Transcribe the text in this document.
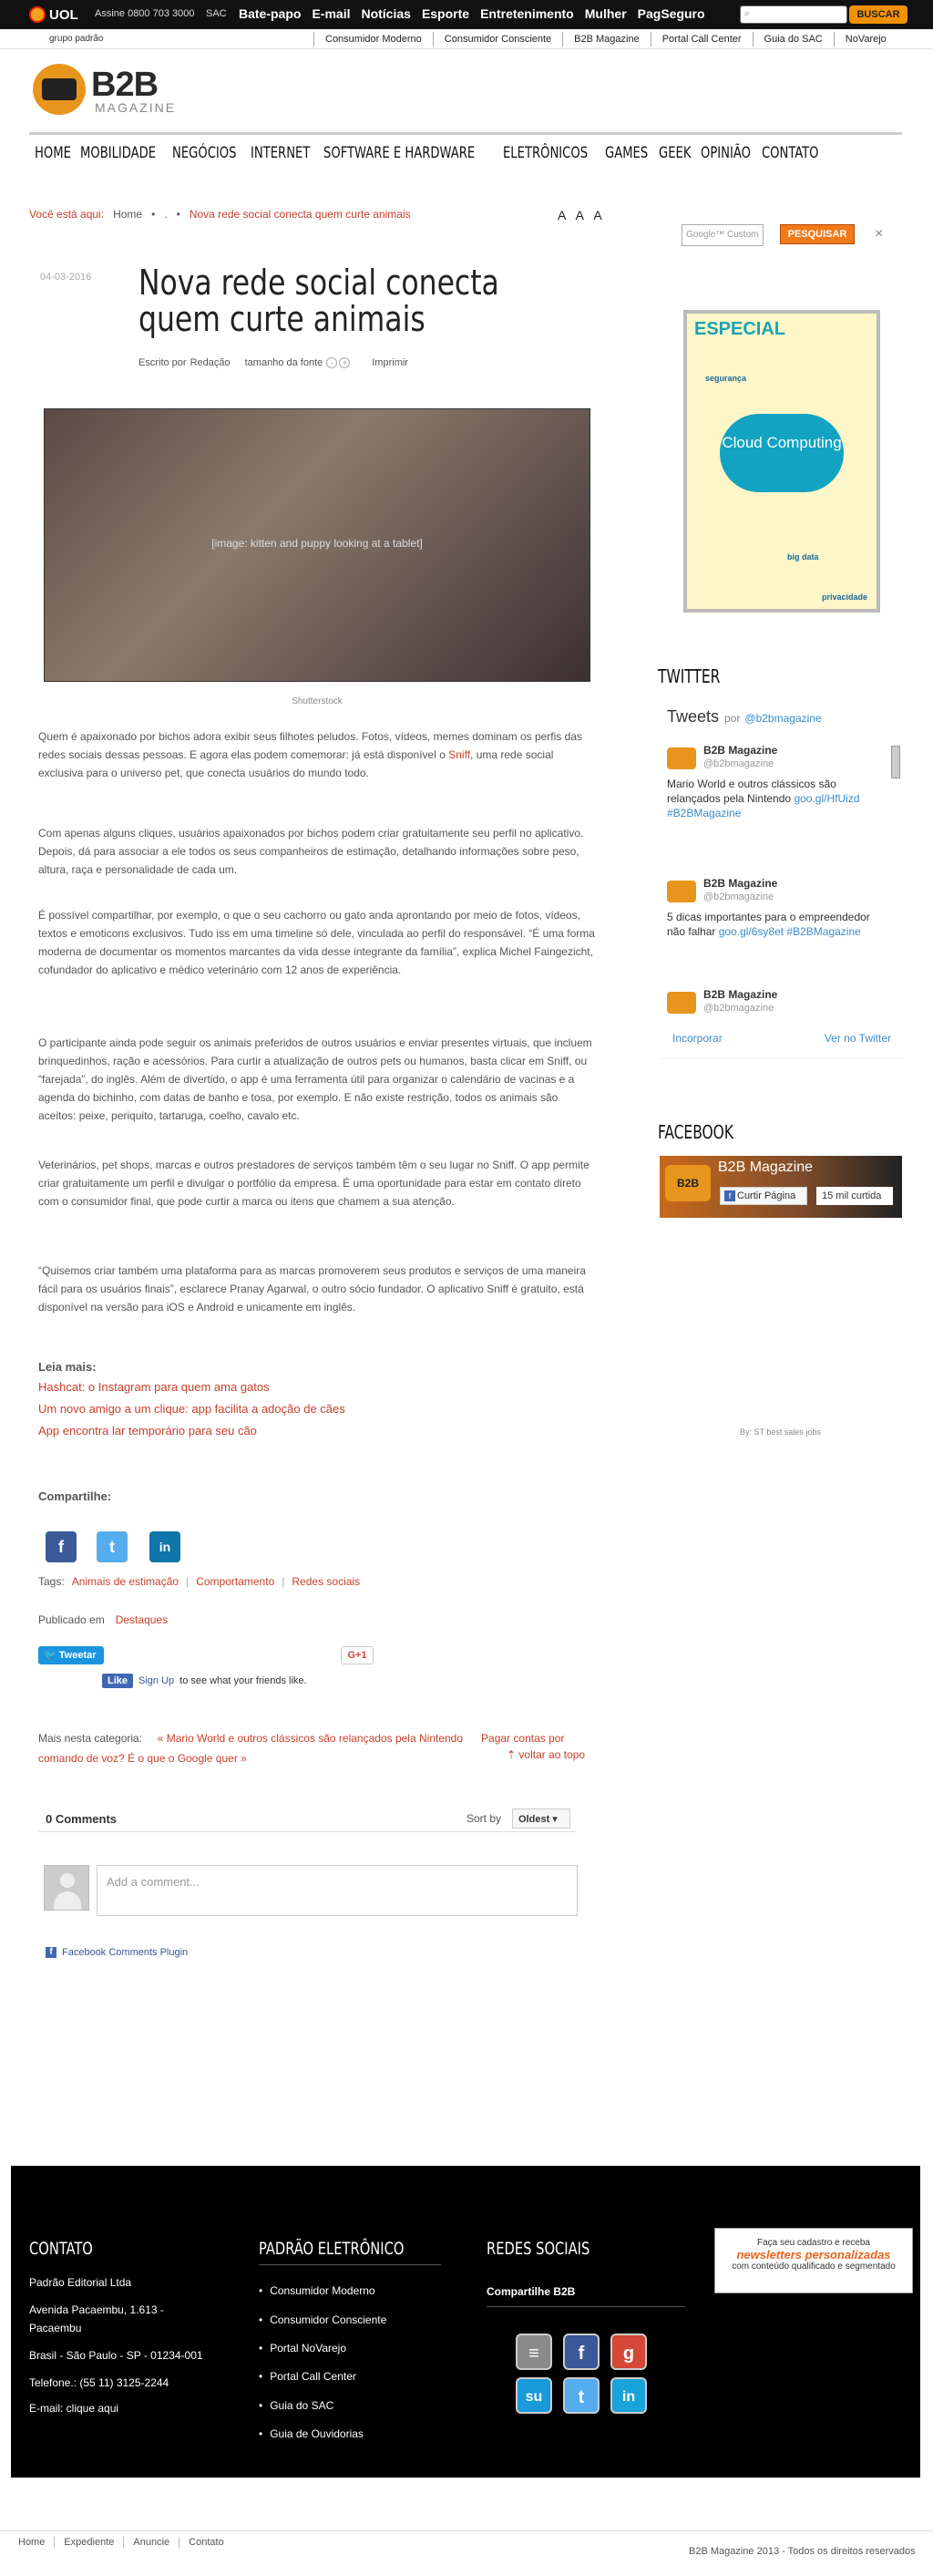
UOL Assine 0800 703 3000 SAC Bate-papo E-mail Notícias Esporte Entretenimento Mulher PagSeguro	⌕	BUSCAR
grupo padrão	Consumidor Moderno	Consumidor Consciente	B2B Magazine	Portal Call Center	Guia do SAC	NoVarejo
B2B
MAGAZINE
HOME MOBILIDADE NEGÓCIOS INTERNET SOFTWARE E HARDWARE ELETRÔNICOS GAMES GEEK OPINIÃO CONTATO
Você está aqui: Home • . • Nova rede social conecta quem curte animais	A A A
Google™ Custom	PESQUISAR	×
04-03-2016 Nova rede social conecta quem curte animais
Escrito por Redação tamanho da fonte -	+	Imprimir
[image: kitten and puppy looking at a tablet]
Shutterstock

Quem é apaixonado por bichos adora exibir seus filhotes peludos. Fotos, vídeos, memes dominam os perfis das redes sociais dessas pessoas. E agora elas podem comemorar: já está disponível o Sniff, uma rede social exclusiva para o universo pet, que conecta usuários do mundo todo.

Com apenas alguns cliques, usuários apaixonados por bichos podem criar gratuitamente seu perfil no aplicativo. Depois, dá para associar a ele todos os seus companheiros de estimação, detalhando informações sobre peso, altura, raça e personalidade de cada um.

É possível compartilhar, por exemplo, o que o seu cachorro ou gato anda aprontando por meio de fotos, vídeos, textos e emoticons exclusivos. Tudo iss em uma timeline só dele, vinculada ao perfil do responsável. “É uma forma moderna de documentar os momentos marcantes da vida desse integrante da família”, explica Michel Faingezicht, cofundador do aplicativo e médico veterinário com 12 anos de experiência.

O participante ainda pode seguir os animais preferidos de outros usuários e enviar presentes virtuais, que incluem brinquedinhos, ração e acessórios. Para curtir a atualização de outros pets ou humanos, basta clicar em Sniff, ou “farejada”, do inglês. Além de divertido, o app é uma ferramenta útil para organizar o calendário de vacinas e a agenda do bichinho, com datas de banho e tosa, por exemplo. E não existe restrição, todos os animais são aceitos: peixe, periquito, tartaruga, coelho, cavalo etc.

Veterinários, pet shops, marcas e outros prestadores de serviços também têm o seu lugar no Sniff. O app permite criar gratuitamente um perfil e divulgar o portfólio da empresa. É uma oportunidade para estar em contato direto com o consumidor final, que pode curtir a marca ou itens que chamem a sua atenção.

“Quisemos criar também uma plataforma para as marcas promoverem seus produtos e serviços de uma maneira fácil para os usuários finais”, esclarece Pranay Agarwal, o outro sócio fundador. O aplicativo Sniff é gratuito, está disponível na versão para iOS e Android e unicamente em inglês.

Leia mais:
Hashcat: o Instagram para quem ama gatos
Um novo amigo a um clique: app facilita a adoção de cães
App encontra lar temporário para seu cão
Compartilhe:
f	t	in
Tags: Animais de estimação | Comportamento | Redes sociais
Publicado em Destaques
🐦 Tweetar	G+1
Like	Sign Up to see what your friends like.
Mais nesta categoria: « Mario World e outros clássicos são relançados pela Nintendo Pagar contas por comando de voz? É o que o Google quer »	⇡ voltar ao topo
0 Comments	Sort by	Oldest ▾
Add a comment...
f Facebook Comments Plugin
ESPECIAL
segurança
Cloud Computing
big data
privacidade
TWITTER
Tweets por @b2bmagazine
B2B Magazine
@b2bmagazine
Mario World e outros clássicos são relançados pela Nintendo goo.gl/HfUizd #B2BMagazine
B2B Magazine
@b2bmagazine
5 dicas importantes para o empreendedor não falhar goo.gl/6sy8et #B2BMagazine
B2B Magazine
@b2bmagazine
Incorporar	Ver no Twitter
FACEBOOK
B2B
B2B Magazine
f Curtir Página	15 mil curtida
By: ST best sales jobs
CONTATO
Padrão Editorial Ltda
Avenida Pacaembu, 1.613 -
Pacaembu
Brasil - São Paulo - SP - 01234-001
Telefone.: (55 11) 3125-2244
E-mail: clique aqui
PADRÃO ELETRÔNICO
• Consumidor Moderno
• Consumidor Consciente
• Portal NoVarejo
• Portal Call Center
• Guia do SAC
• Guia de Ouvidorias
REDES SOCIAIS
Compartilhe B2B
≡	f	g
su	t	in
Faça seu cadastro e receba
newsletters personalizadas
com conteúdo qualificado e segmentado
Home	Expediente	Anuncie	Contato
B2B Magazine 2013 - Todos os direitos reservados
